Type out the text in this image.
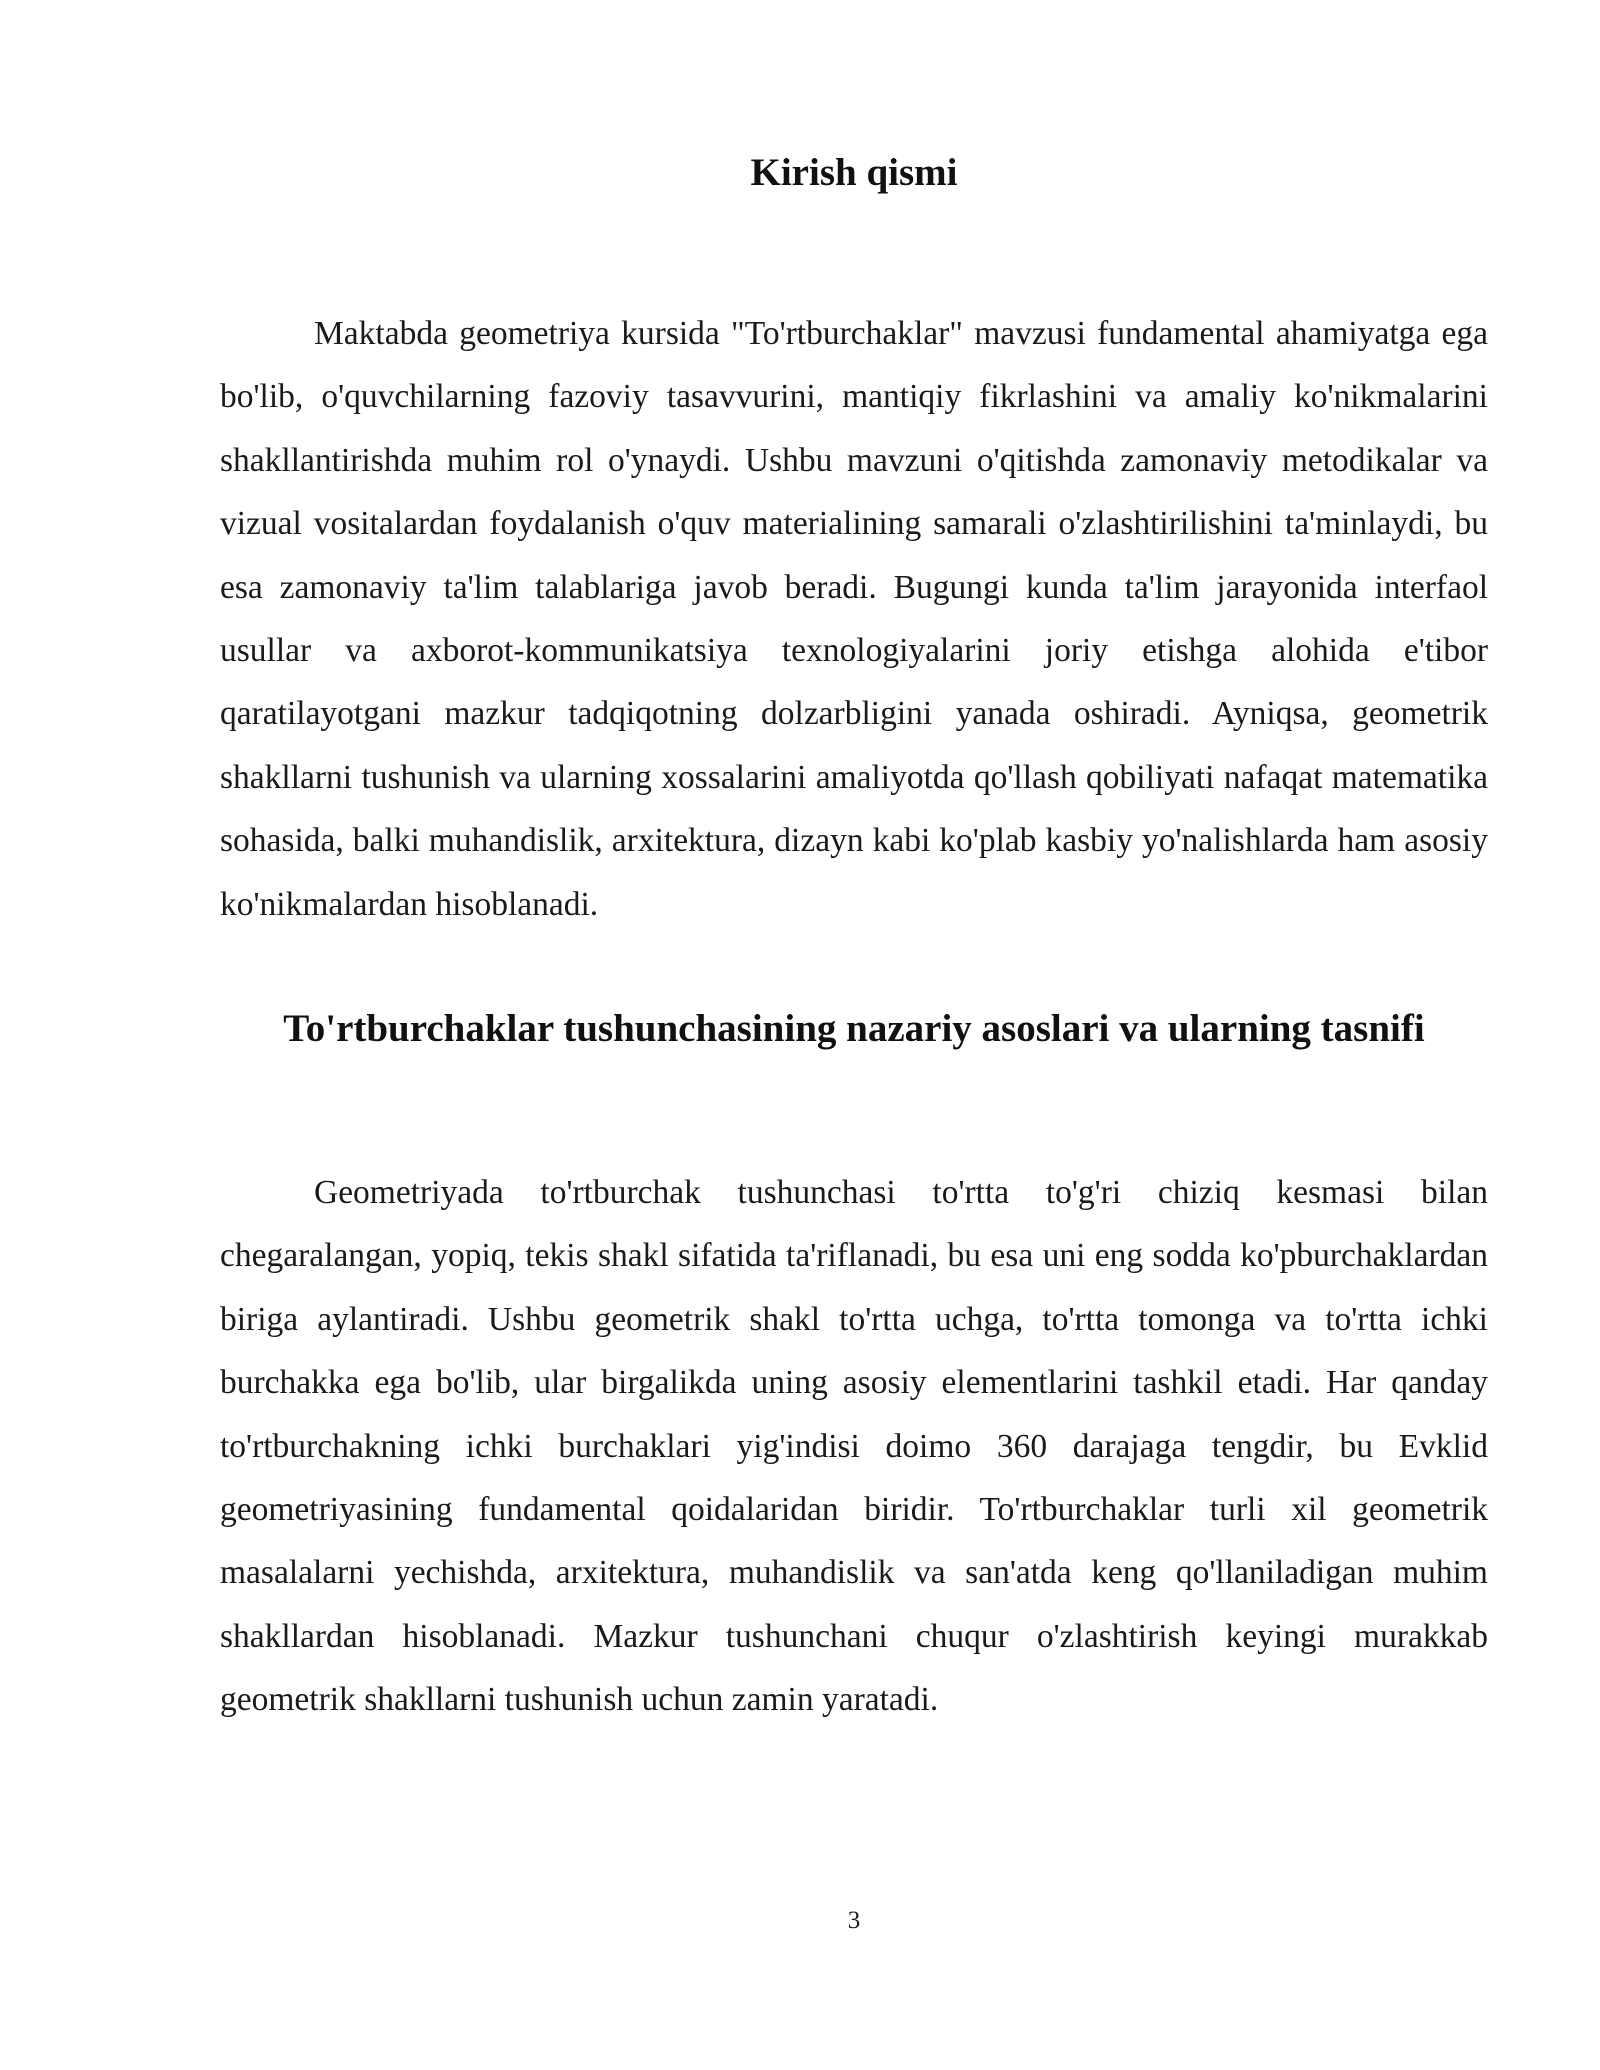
Kirish qismi

Maktabda geometriya kursida "To'rtburchaklar" mavzusi fundamental ahamiyatga ega bo'lib, o'quvchilarning fazoviy tasavvurini, mantiqiy fikrlashini va amaliy ko'nikmalarini shakllantirishda muhim rol o'ynaydi. Ushbu mavzuni o'qitishda zamonaviy metodikalar va vizual vositalardan foydalanish o'quv materialining samarali o'zlashtirilishini ta'minlaydi, bu esa zamonaviy ta'lim talablariga javob beradi. Bugungi kunda ta'lim jarayonida interfaol usullar va axborot-kommunikatsiya texnologiyalarini joriy etishga alohida e'tibor qaratilayotgani mazkur tadqiqotning dolzarbligini yanada oshiradi. Ayniqsa, geometrik shakllarni tushunish va ularning xossalarini amaliyotda qo'llash qobiliyati nafaqat matematika sohasida, balki muhandislik, arxitektura, dizayn kabi ko'plab kasbiy yo'nalishlarda ham asosiy ko'nikmalardan hisoblanadi.

To'rtburchaklar tushunchasining nazariy asoslari va ularning tasnifi

Geometriyada to'rtburchak tushunchasi to'rtta to'g'ri chiziq kesmasi bilan chegaralangan, yopiq, tekis shakl sifatida ta'riflanadi, bu esa uni eng sodda ko'pburchaklardan biriga aylantiradi. Ushbu geometrik shakl to'rtta uchga, to'rtta tomonga va to'rtta ichki burchakka ega bo'lib, ular birgalikda uning asosiy elementlarini tashkil etadi. Har qanday to'rtburchakning ichki burchaklari yig'indisi doimo 360 darajaga tengdir, bu Evklid geometriyasining fundamental qoidalaridan biridir. To'rtburchaklar turli xil geometrik masalalarni yechishda, arxitektura, muhandislik va san'atda keng qo'llaniladigan muhim shakllardan hisoblanadi. Mazkur tushunchani chuqur o'zlashtirish keyingi murakkab geometrik shakllarni tushunish uchun zamin yaratadi.

3
